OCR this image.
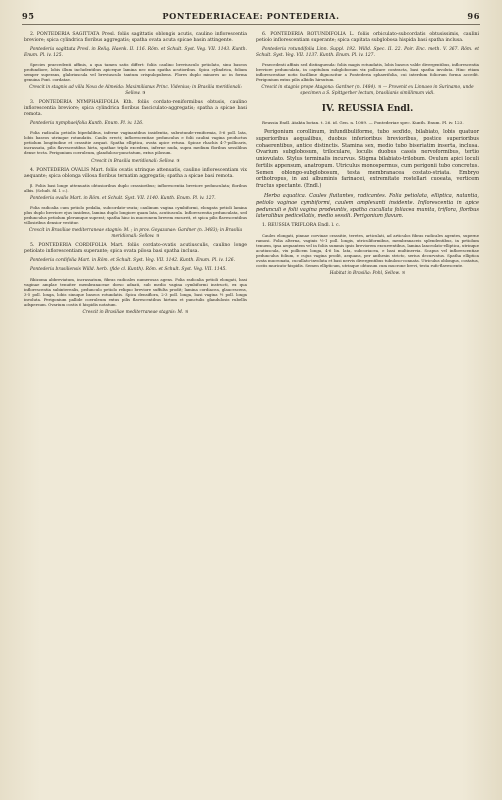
95	PONTEDERIACEAE: PONTEDERIA.	96

2. PONTEDERIA SAGITTATA Presl. foliis sagittatis oblongis acutis, caulino inflorescentia breviore; spica cylindrica floribus aggregatis; spatha ovata acuta spicae basin attingente.

Pontederia sagittata Presl. in Reliq. Haenk. II. 116. Röm. et Schult. Syst. Veg. VII. 1143. Kunth. Enum. Pl. iv. 125.

Species praecedenti affinis, a qua tamen satis differt: foliis caulino breviusculo petiolato, sinu baseos profundiore, lobis illum includentibus apiceque lamina nec non spatha acutioribus. Spica cylindrica, folium semper superans, glabriuscula vel breviusculo tantum crispulopubens. Flores duplo minores ac in forma genuina Pont. cordatae.

Crescit in stagnis ad villa Nova de Almeida: Maximilianus Princ. Videnius; in Brasilia meridionali: Sellow. ♃

3. PONTEDERIA NYMPHAEIFOLIA Kth. foliis cordato-reniformibus obtusis, caulino inflorescentia breviore; spica cylindrica floribus fasciculato-aggregatis; spatha a spicae basi remota.

Pontederia nymphaeifolia Kunth. Enum. Pl. iv. 126.

Folia radicalia petiolis bipedalibus, inferne vaginantibus insidentia, subrotunde-reniformia, 5-6 poll. lata, lobis baseos utrinque rotundatis. Caulis erecti; inflorescentiae pedunculus e folii caulini vagina productus petiolum longitudine et crassitie aequat. Spatha elliptica, ovata apice retusa. Spicae rhachis 4-7-pollicaris, incrassata, pilis flavescentibus hirta, spathae triplo excedens, inferne nuda, supra medium floribus sessilibus dense tecta. Perigonium coeruleum, glanduloso-punctatum, extus pilosum.

Crescit in Brasilia meridionali: Sellow. ♃

4. PONTEDERIA OVALIS Mart. foliis ovatis utrinque attenuatis, caulino inflorescentiam vix aequante; spica oblonga villosa floribus ternatim aggregatis; spatha a spicae basi remota.

β. Foliis basi longe attenuatis obtusioribus duplo crassioribus; inflorescentia breviore pedunculata; floribus albis. (Schult. fil. l. c.).

Pontederia ovalis Mart. in Röm. et Schult. Syst. VII. 1140. Kunth. Enum. Pl. iv. 127.

Folia radicalia cum petiolo pedalia, subcordate-ovata; caulinum vagina cymbiformi, elongata petioli lamina plus duplo breviore ejus insidens, lamina duplo longiore quam lata, acutiuscula. Inflorescentia pedunculata, sed pedunculus petiolum plerumque superat; spatha hinc in mucronem brevem excurrit, et spica pilis flavescentibus villosiribus densior vestitur.

Crescit in Brasiliae mediterraneae stagnis: M. ; in prov. Goyazanae: Gardner (n. 3483); in Brasilia meridionali: Sellow. ♃

5. PONTEDERIA CORDIFOLIA Mart. foliis cordato-ovatis acutiusculis, caulino longe petiolato inflorescentiam superante; spica ovata pilosa basi spatha inclusa.

Pontederia cordifolia Mart. in Röm. et Schult. Syst. Veg. VII. 1142. Kunth. Enum. Pl. iv. 126.

Pontederia brasiliensis Willd. herb. (fide cl. Kunth). Röm. et Schult. Syst. Veg. VII. 1145.

Rhizoma abbreviatum, incrassatum, fibras radicales numerosas agens. Folia radicalia petioli elongati, basi vaginae amplae tenuiter membranaceae dorso adnati, sub medio vagina cymbiformi instructi, ex qua inflorescentia subinterealis, pedunculo petiolo reliquo breviore suffulta prodit; lamina cordiacea, glaucescens, 3-5 poll. longa, lobis sinuque baseos rotundatis. Spica densiflora, 2-3 poll. longa, basi vagina ½ poll. longa involuta. Perigonium pallide coeruleum extus pilis flavescentibus hirtum et punctulis glandulosis rubellis adspersum. Ovarium costis 6 hispidis notatum.

Crescit in Brasiliae mediterraneae stagnis: M. ♃

6. PONTEDERIA ROTUNDIFOLIA L. foliis orbiculato-subcordatis obtusissimis, caulini petiolo inflorescentiam superante; spica capitata subglobosa hispida basi spatha inclusa.

Pontederia rotundifolia Linn. Suppl. 192. Willd. Spec. II. 22. Poir. Enc. meth. V. 367. Röm. et Schult. Syst. Veg. VII. 1137. Kunth. Enum. Pl. iv. 127.

Praecedenti affinis sed distinguenda: foliis magis rotundatis, lobis baseos valde divergentibus, inflorescentia breviore pedunculata, in capitulum subglobosum vix pollicare contracta, basi spatha involuta. Hinc etiam inflorescentiae notis facillime dignoscitur a Pontederia sphaerifolia, cui interdum foliorum forma accedit. Perigonium extus pilis albidis hirsutum.

Crescit in stagnis prope Atagona: Gardner (n. 1484). ♃ — Provenit ex Linnaeo in Surinamo, unde specimen a S. Spittgerber lectum, brasilianis simillimum vidi.

IV. REUSSIA Endl.

Reussia Endl. Atakta botan. t. 26. id. Gen. n. 1089. — Pontederiae spec. Kunth. Enum. Pl. iv. 123.

Perigonium corollinum, infundibuliforme, tubo sexfido, bilabiato, lobis quatuor superioribus aequalibus, duobus inferioribus brevioribus, postice superioribus cohaerentibus, antice distinctis. Stamina sex, medio tubo biseriatim inserta, inclusa. Ovarium subglobosum, triloculare, loculis duobus cassis nervoformibus, tertio uniovulato. Stylus terminalis incurvus. Stigma bilabiato-trilobum. Ovulum apici loculi fertilis appensum, anatropum. Utriculus monospermus, cum perigonii tubo concretus. Semen oblongo-subglobosum, testa membranacea costato-striata. Embryo orthotropus, in axi albuminis farinacei, extremitate rostellari cuoeata, verticem fructus spectante. (Endl.)

Herba aquatica. Caules fluitantes, radicantes. Folia petiolata, elliptica, natantia, petiolo vaginae cymbiformi, caulem amplexanti insidente. Inflorescentia in apice pedunculi e folii vagina prodeuntis, spatha cucullata foliacea munita, triflora, floribus lateralibus pedicellatis, medio sessili. Perigonium flavum.

1. REUSSIA TRIFLORA Endl. l. c.

Caules elongati, pinnae corvinae crassitie, teretes, articulati, ad articulos fibras radicales agentes, superne ramosi. Folia alterna, vaginis ½-1 poll. longis, utriculiformibus, membranaceis splendentibus, in petiolum tenuem, ipsa aequantem vel in foliis summis ipsis breviorem excurrentibus, lamina lanceolato-elliptica, utrinque acutiuscula, vix pollicem longa, 4-6 lin. lata, subcoriacea, e basi multinervia. Scapus vel inflorescentiae pedunculus folium, e cujus vagina prodit, aequans, per anthesin stricto, serius decurvatus. Spatha elliptica ovata mucronata, cucullato-involuta et basi nervis divergentibus tubuloso-connata. Utriculus oblongus, costatus, costis muricato-hispidis. Semen ellipticum, utrinque obtusum cum mucrone brevi, testa rufo-flavescente.

Habitat in Brasilia: Pohl, Sellow. ♃
